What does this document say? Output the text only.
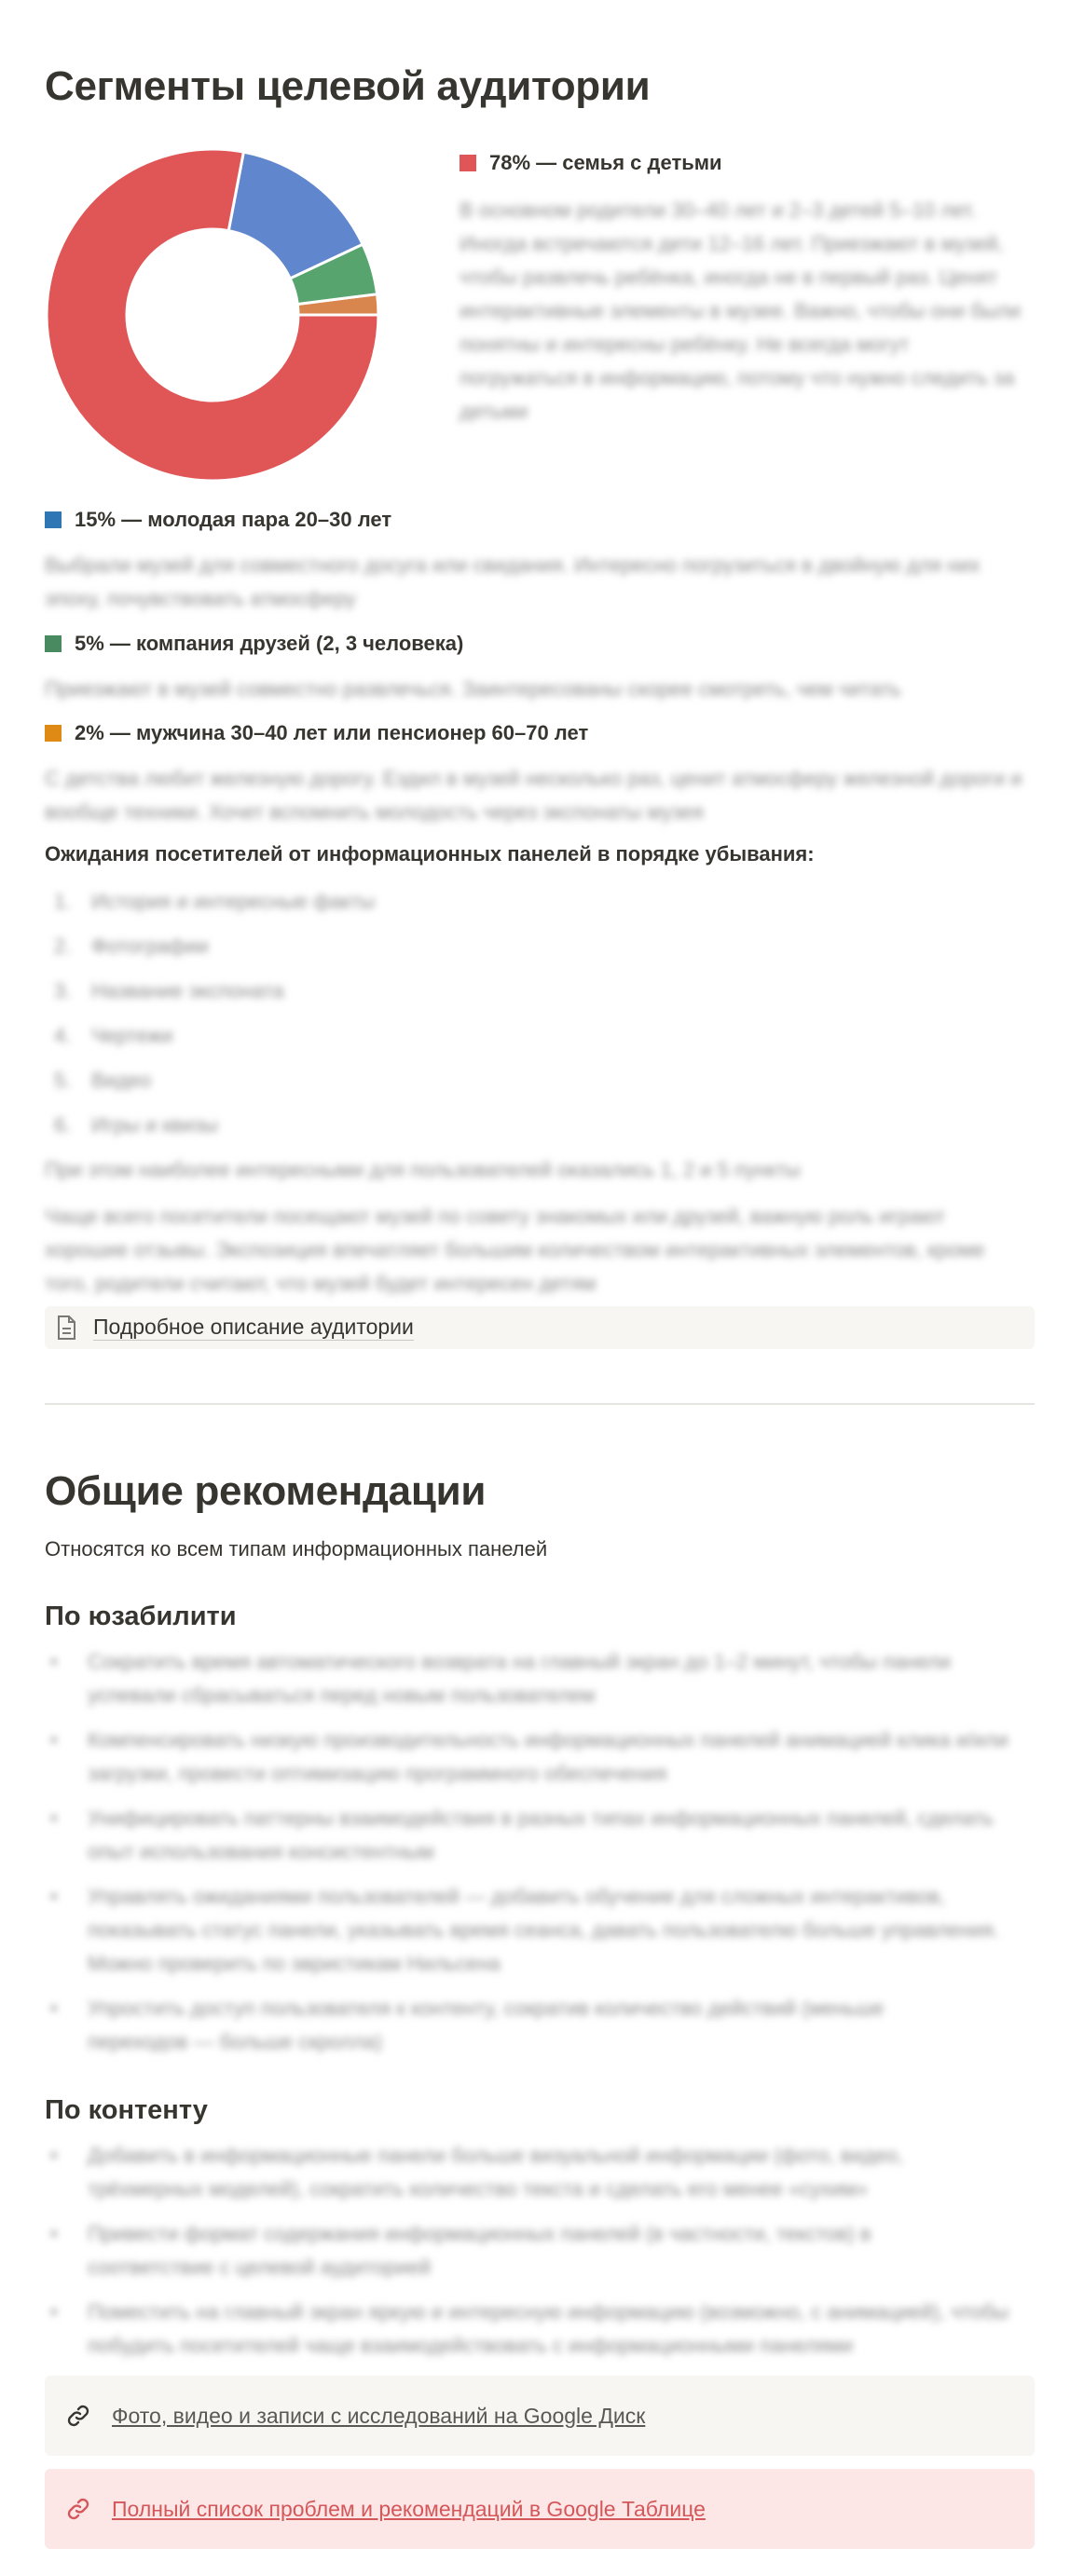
Сегменты целевой аудитории
78% — семья с детьми
В основном родители 30–40 лет и 2–3 детей 5–10 лет. Иногда встречаются дети 12–16 лет. Приезжают в музей, чтобы развлечь ребёнка, иногда не в первый раз. Ценят интерактивные элементы в музее. Важно, чтобы они были понятны и интересны ребёнку. Не всегда могут погружаться в информацию, потому что нужно следить за детьми
15% — молодая пара 20–30 лет
Выбрали музей для совместного досуга или свидания. Интересно погрузиться в двойную для них эпоху, почувствовать атмосферу
5% — компания друзей (2, 3 человека)
Приезжают в музей совместно развлечься. Заинтересованы скорее смотреть, чем читать
2% — мужчина 30–40 лет или пенсионер 60–70 лет
С детства любит железную дорогу. Ездил в музей несколько раз, ценит атмосферу железной дороги и вообще техники. Хочет вспомнить молодость через экспонаты музея
Ожидания посетителей от информационных панелей в порядке убывания:
1. История и интересные факты
2. Фотографии
3. Название экспоната
4. Чертежи
5. Видео
6. Игры и квизы
При этом наиболее интересными для пользователей оказались 1, 2 и 5 пункты
Чаще всего посетители посещают музей по совету знакомых или друзей, важную роль играют хорошие отзывы. Экспозиция впечатляет большим количеством интерактивных элементов, кроме того, родители считают, что музей будет интересен детям
Подробное описание аудитории
Общие рекомендации
Относятся ко всем типам информационных панелей
По юзабилити
•	Сократить время автоматического возврата на главный экран до 1–2 минут, чтобы панели успевали сбрасываться перед новым пользователем
•	Компенсировать низкую производительность информационных панелей анимацией клика и/или загрузки, провести оптимизацию программного обеспечения
•	Унифицировать паттерны взаимодействия в разных типах информационных панелей, сделать опыт использования консистентным
•	Управлять ожиданиями пользователей — добавить обучение для сложных интерактивов, показывать статус панели, указывать время сеанса, давать пользователю больше управления. Можно проверить по эвристикам Нильсена
•	Упростить доступ пользователя к контенту, сократив количество действий (меньше переходов — больше скролла)
По контенту
•	Добавить в информационные панели больше визуальной информации (фото, видео, трёхмерных моделей), сократить количество текста и сделать его менее «сухим»
•	Привести формат содержания информационных панелей (в частности, текстов) в соответствие с целевой аудиторией
•	Поместить на главный экран яркую и интересную информацию (возможно, с анимацией), чтобы побудить посетителей чаще взаимодействовать с информационными панелями
Фото, видео и записи с исследований на Google Диск
Полный список проблем и рекомендаций в Google Таблице
